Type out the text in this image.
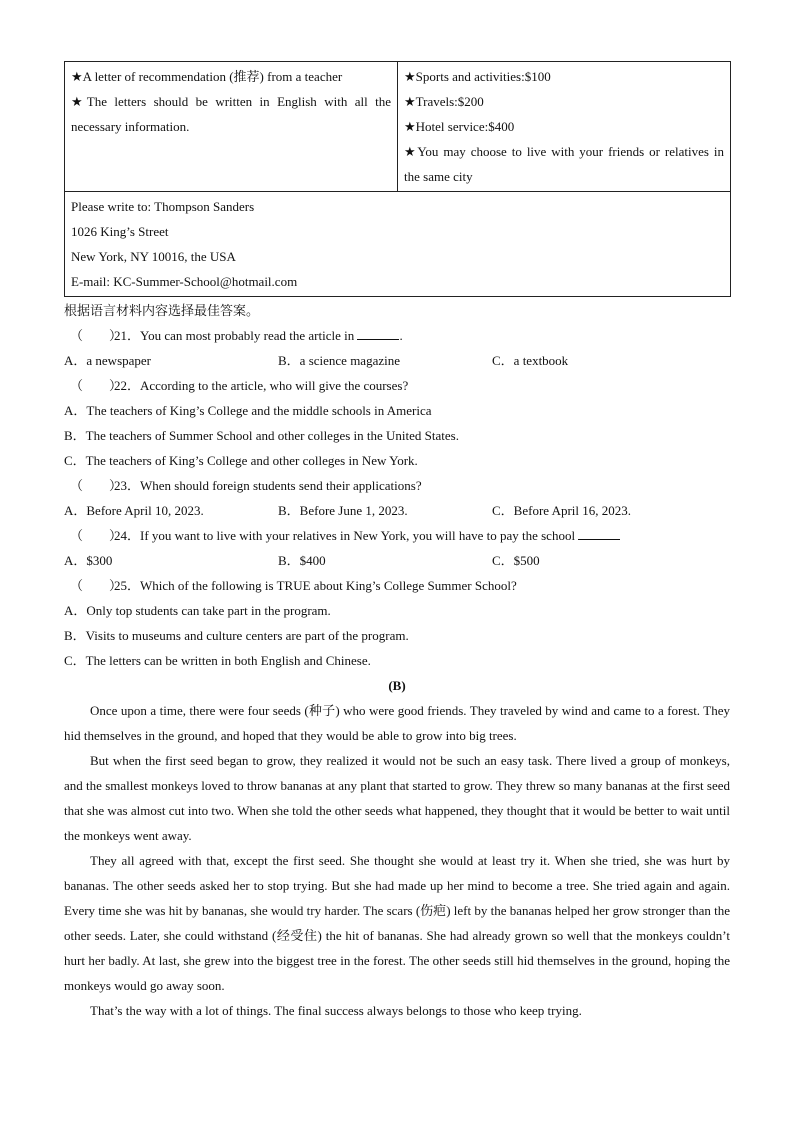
★A letter of recommendation (推荐) from a teacher
★The letters should be written in English with all the necessary information.

★Sports and activities:$100
★Travels:$200
★Hotel service:$400
★You may choose to live with your friends or relatives in the same city

Please write to: Thompson Sanders
1026 King’s Street
New York, NY 10016, the USA
E-mail: KC-Summer-School@hotmail.com
根据语言材料内容选择最佳答案。
（　　）21．You can most probably read the article in	.
A．a newspaper	B．a science magazine	C．a textbook
（　　）22．According to the article, who will give the courses?
A．The teachers of King’s College and the middle schools in America
B．The teachers of Summer School and other colleges in the United States.
C．The teachers of King’s College and other colleges in New York.
（　　）23．When should foreign students send their applications?
A．Before April 10, 2023.	B．Before June 1, 2023.	C．Before April 16, 2023.
（　　）24．If you want to live with your relatives in New York, you will have to pay the school
A．$300	B．$400	C．$500
（　　）25．Which of the following is TRUE about King’s College Summer School?
A．Only top students can take part in the program.
B．Visits to museums and culture centers are part of the program.
C．The letters can be written in both English and Chinese.
(B)
Once upon a time, there were four seeds (种子) who were good friends. They traveled by wind and came to a forest. They hid themselves in the ground, and hoped that they would be able to grow into big trees.
But when the first seed began to grow, they realized it would not be such an easy task. There lived a group of monkeys, and the smallest monkeys loved to throw bananas at any plant that started to grow. They threw so many bananas at the first seed that she was almost cut into two. When she told the other seeds what happened, they thought that it would be better to wait until the monkeys went away.
They all agreed with that, except the first seed. She thought she would at least try it. When she tried, she was hurt by bananas. The other seeds asked her to stop trying. But she had made up her mind to become a tree. She tried again and again. Every time she was hit by bananas, she would try harder. The scars (伤疤) left by the bananas helped her grow stronger than the other seeds. Later, she could withstand (经受住) the hit of bananas. She had already grown so well that the monkeys couldn’t hurt her badly. At last, she grew into the biggest tree in the forest. The other seeds still hid themselves in the ground, hoping the monkeys would go away soon.
That’s the way with a lot of things. The final success always belongs to those who keep trying.
